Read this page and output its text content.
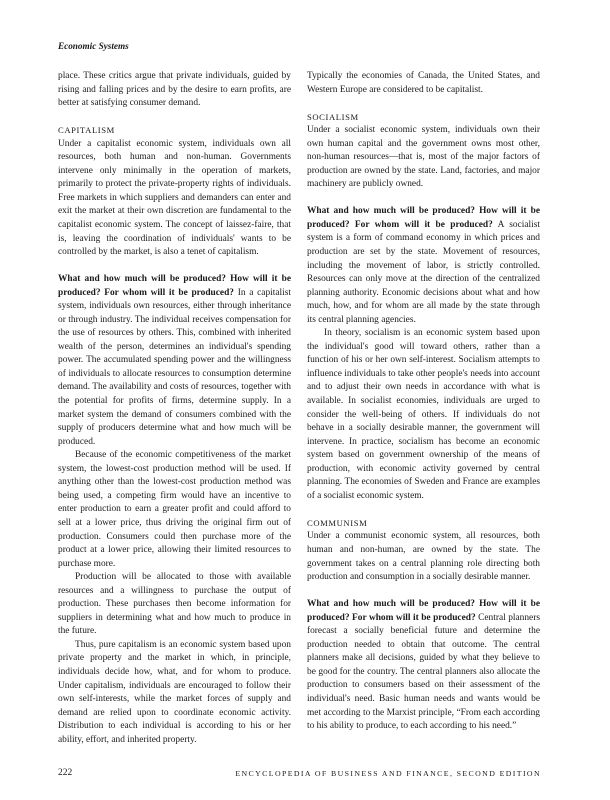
Economic Systems

place. These critics argue that private individuals, guided by rising and falling prices and by the desire to earn profits, are better at satisfying consumer demand.

CAPITALISM

Under a capitalist economic system, individuals own all resources, both human and non-human. Governments intervene only minimally in the operation of markets, primarily to protect the private-property rights of individuals. Free markets in which suppliers and demanders can enter and exit the market at their own discretion are fundamental to the capitalist economic system. The concept of laissez-faire, that is, leaving the coordination of individuals' wants to be controlled by the market, is also a tenet of capitalism.

What and how much will be produced? How will it be produced? For whom will it be produced? In a capitalist system, individuals own resources, either through inheritance or through industry. The individual receives compensation for the use of resources by others. This, combined with inherited wealth of the person, determines an individual's spending power. The accumulated spending power and the willingness of individuals to allocate resources to consumption determine demand. The availability and costs of resources, together with the potential for profits of firms, determine supply. In a market system the demand of consumers combined with the supply of producers determine what and how much will be produced.

Because of the economic competitiveness of the market system, the lowest-cost production method will be used. If anything other than the lowest-cost production method was being used, a competing firm would have an incentive to enter production to earn a greater profit and could afford to sell at a lower price, thus driving the original firm out of production. Consumers could then purchase more of the product at a lower price, allowing their limited resources to purchase more.

Production will be allocated to those with available resources and a willingness to purchase the output of production. These purchases then become information for suppliers in determining what and how much to produce in the future.

Thus, pure capitalism is an economic system based upon private property and the market in which, in principle, individuals decide how, what, and for whom to produce. Under capitalism, individuals are encouraged to follow their own self-interests, while the market forces of supply and demand are relied upon to coordinate economic activity. Distribution to each individual is according to his or her ability, effort, and inherited property.

Typically the economies of Canada, the United States, and Western Europe are considered to be capitalist.

SOCIALISM

Under a socialist economic system, individuals own their own human capital and the government owns most other, non-human resources—that is, most of the major factors of production are owned by the state. Land, factories, and major machinery are publicly owned.

What and how much will be produced? How will it be produced? For whom will it be produced? A socialist system is a form of command economy in which prices and production are set by the state. Movement of resources, including the movement of labor, is strictly controlled. Resources can only move at the direction of the centralized planning authority. Economic decisions about what and how much, how, and for whom are all made by the state through its central planning agencies.

In theory, socialism is an economic system based upon the individual's good will toward others, rather than a function of his or her own self-interest. Socialism attempts to influence individuals to take other people's needs into account and to adjust their own needs in accordance with what is available. In socialist economies, individuals are urged to consider the well-being of others. If individuals do not behave in a socially desirable manner, the government will intervene. In practice, socialism has become an economic system based on government ownership of the means of production, with economic activity governed by central planning. The economies of Sweden and France are examples of a socialist economic system.

COMMUNISM

Under a communist economic system, all resources, both human and non-human, are owned by the state. The government takes on a central planning role directing both production and consumption in a socially desirable manner.

What and how much will be produced? How will it be produced? For whom will it be produced? Central planners forecast a socially beneficial future and determine the production needed to obtain that outcome. The central planners make all decisions, guided by what they believe to be good for the country. The central planners also allocate the production to consumers based on their assessment of the individual's need. Basic human needs and wants would be met according to the Marxist principle, “From each according to his ability to produce, to each according to his need.”

222	ENCYCLOPEDIA OF BUSINESS AND FINANCE, SECOND EDITION
